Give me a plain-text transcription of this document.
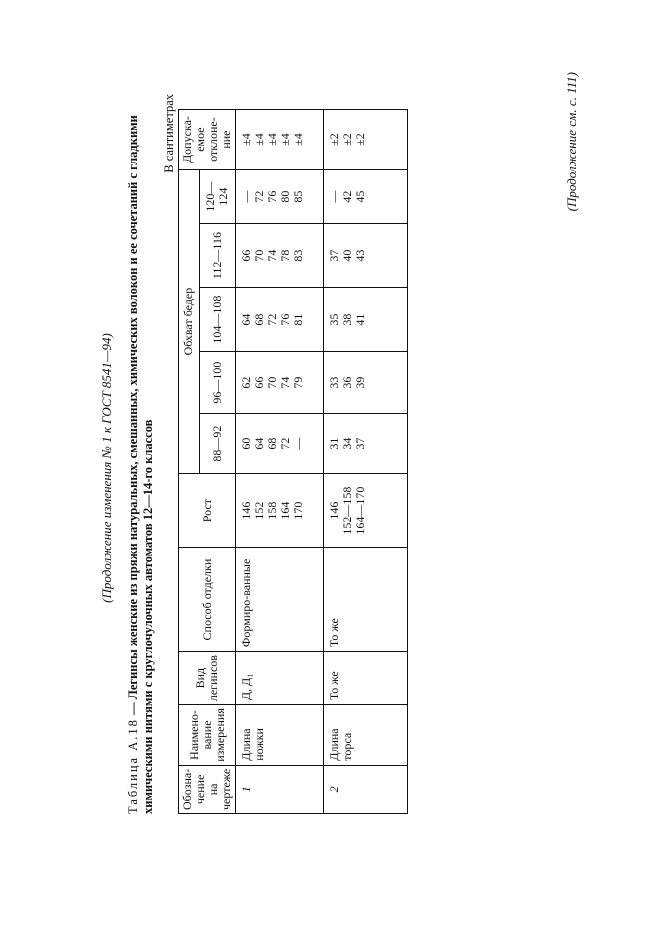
(Продолжение изменения № 1 к ГОСТ 8541—94)
Таблица А.18 — Легинсы женские из пряжи натуральных, смешанных, химических волокон и ее сочетаний с гладкими химическими нитями с круглочулочных автоматов 12—14-го классов
В сантиметрах
Обозна-чение на чертеже	Наимено-вание измерения	Вид легинсов	Способ отделки	Рост	Обхват бедер					Допуска-емое отклоне-ние
					88—92	96—100	104—108	112—116	120—124	
1	Длина ножки	Д, Д₁	Формиро-ванные	146 152 158 164 170	60 64 68 72 —	62 66 70 74 79	64 68 72 76 81	66 70 74 78 83	— 72 76 80 85	±4 ±4 ±4 ±4 ±4

2	Длина торса	То же	То же	146 152—158 164—170	31 34 37	33 36 39	35 38 41	37 40 43	— 42 45	±2 ±2 ±2	(Продолжение см. с. 111)
